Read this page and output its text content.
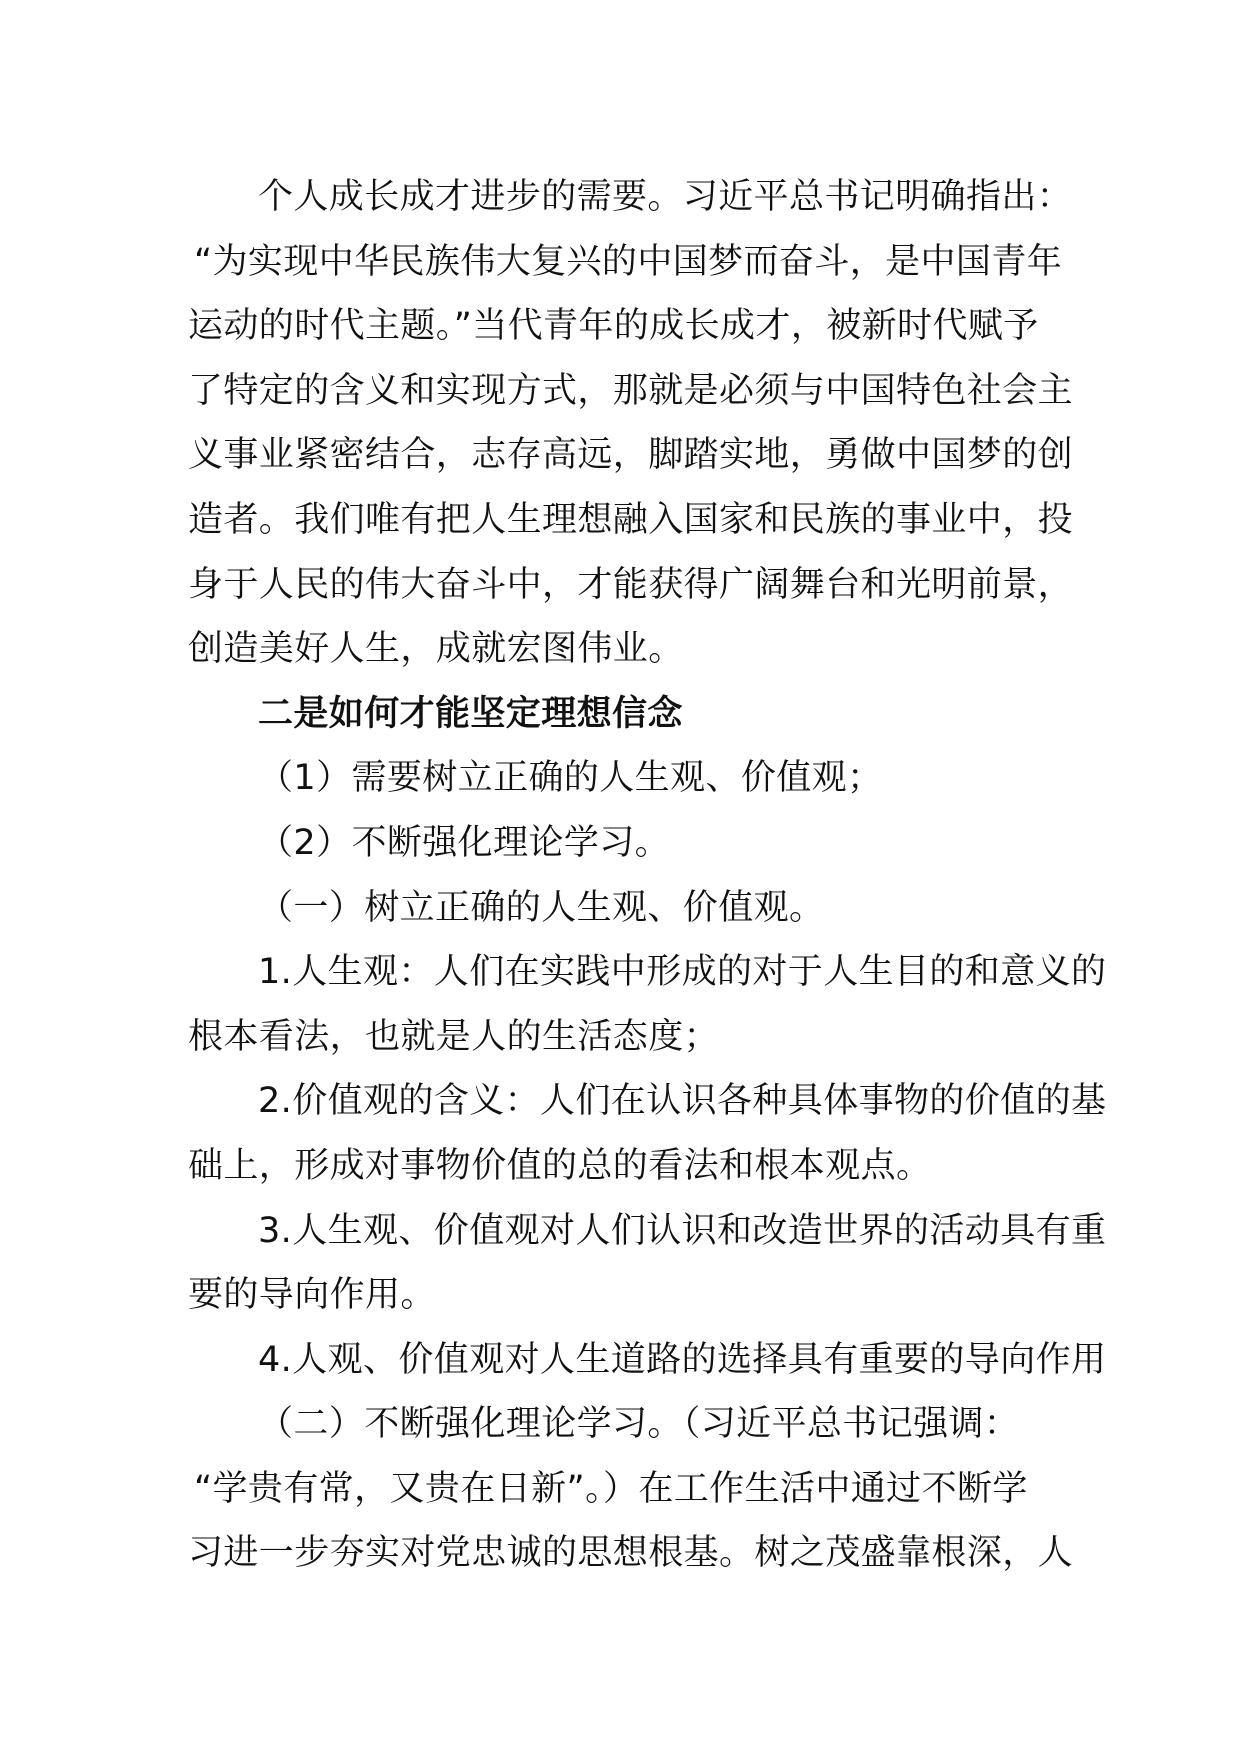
个人成长成才进步的需要。习近平总书记明确指出：
“为实现中华民族伟大复兴的中国梦而奋斗，是中国青年
运动的时代主题。”当代青年的成长成才，被新时代赋予
了特定的含义和实现方式，那就是必须与中国特色社会主
义事业紧密结合，志存高远，脚踏实地，勇做中国梦的创
造者。我们唯有把人生理想融入国家和民族的事业中，投
身于人民的伟大奋斗中，才能获得广阔舞台和光明前景，
创造美好人生，成就宏图伟业。
二是如何才能坚定理想信念
（1）需要树立正确的人生观、价值观；
（2）不断强化理论学习。
（一）树立正确的人生观、价值观。
1.人生观：人们在实践中形成的对于人生目的和意义的
根本看法，也就是人的生活态度；
2.价值观的含义：人们在认识各种具体事物的价值的基
础上，形成对事物价值的总的看法和根本观点。
3.人生观、价值观对人们认识和改造世界的活动具有重
要的导向作用。
4.人观、价值观对人生道路的选择具有重要的导向作用
（二）不断强化理论学习。（习近平总书记强调：
“学贵有常，又贵在日新”。）在工作生活中通过不断学
习进一步夯实对党忠诚的思想根基。树之茂盛靠根深，人
